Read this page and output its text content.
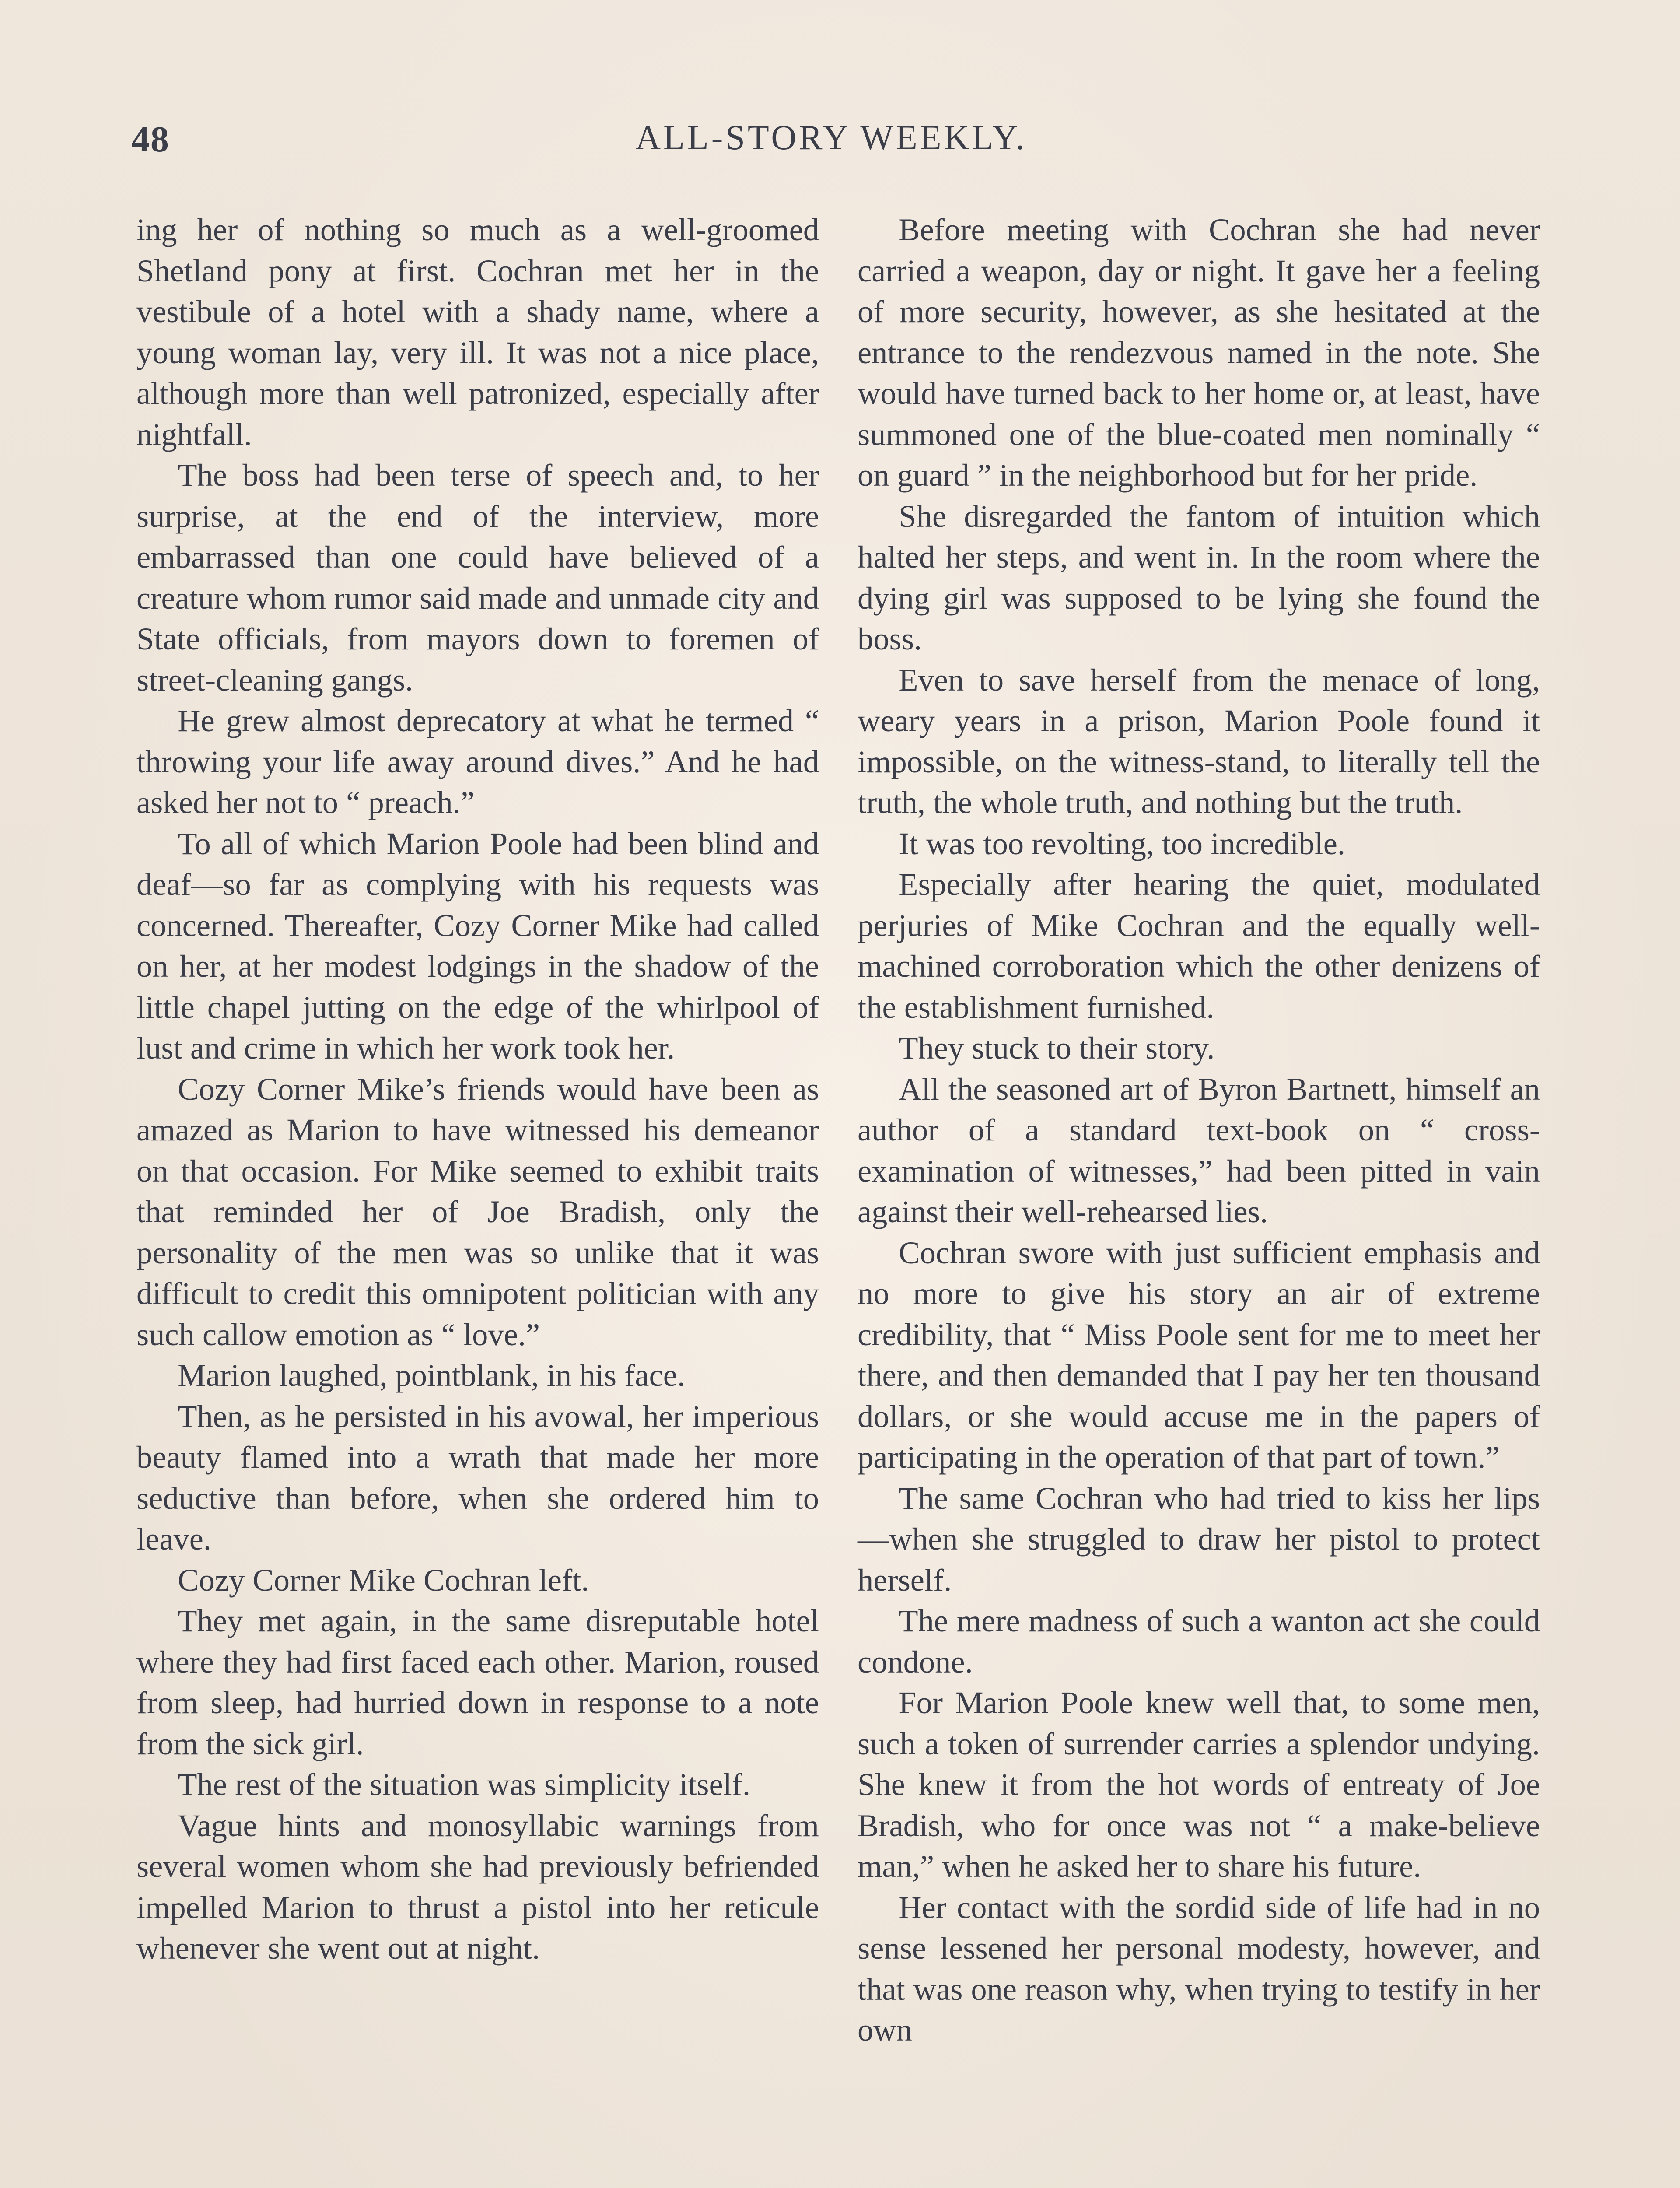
48	ALL-STORY WEEKLY.

ing her of nothing so much as a well-groomed Shetland pony at first. Cochran met her in the vestibule of a hotel with a shady name, where a young woman lay, very ill. It was not a nice place, although more than well patronized, especially after nightfall.

The boss had been terse of speech and, to her surprise, at the end of the interview, more embarrassed than one could have believed of a creature whom rumor said made and unmade city and State officials, from mayors down to foremen of street-cleaning gangs.

He grew almost deprecatory at what he termed “ throwing your life away around dives.” And he had asked her not to “ preach.”

To all of which Marion Poole had been blind and deaf—so far as complying with his requests was concerned. Thereafter, Cozy Corner Mike had called on her, at her modest lodgings in the shadow of the little chapel jutting on the edge of the whirlpool of lust and crime in which her work took her.

Cozy Corner Mike’s friends would have been as amazed as Marion to have witnessed his demeanor on that occasion. For Mike seemed to exhibit traits that reminded her of Joe Bradish, only the personality of the men was so unlike that it was difficult to credit this omnipotent politician with any such callow emotion as “ love.”

Marion laughed, pointblank, in his face.

Then, as he persisted in his avowal, her imperious beauty flamed into a wrath that made her more seductive than before, when she ordered him to leave.

Cozy Corner Mike Cochran left.

They met again, in the same disreputable hotel where they had first faced each other. Marion, roused from sleep, had hurried down in response to a note from the sick girl.

The rest of the situation was simplicity itself.

Vague hints and monosyllabic warnings from several women whom she had previously befriended impelled Marion to thrust a pistol into her reticule whenever she went out at night.

Before meeting with Cochran she had never carried a weapon, day or night. It gave her a feeling of more security, however, as she hesitated at the entrance to the rendezvous named in the note. She would have turned back to her home or, at least, have summoned one of the blue-coated men nominally “ on guard ” in the neighborhood but for her pride.

She disregarded the fantom of intuition which halted her steps, and went in. In the room where the dying girl was supposed to be lying she found the boss.

Even to save herself from the menace of long, weary years in a prison, Marion Poole found it impossible, on the witness-stand, to literally tell the truth, the whole truth, and nothing but the truth.

It was too revolting, too incredible.

Especially after hearing the quiet, modulated perjuries of Mike Cochran and the equally well-machined corroboration which the other denizens of the establishment furnished.

They stuck to their story.

All the seasoned art of Byron Bartnett, himself an author of a standard text-book on “ cross-examination of witnesses,” had been pitted in vain against their well-rehearsed lies.

Cochran swore with just sufficient emphasis and no more to give his story an air of extreme credibility, that “ Miss Poole sent for me to meet her there, and then demanded that I pay her ten thousand dollars, or she would accuse me in the papers of participating in the operation of that part of town.”

The same Cochran who had tried to kiss her lips—when she struggled to draw her pistol to protect herself.

The mere madness of such a wanton act she could condone.

For Marion Poole knew well that, to some men, such a token of surrender carries a splendor undying. She knew it from the hot words of entreaty of Joe Bradish, who for once was not “ a make-believe man,” when he asked her to share his future.

Her contact with the sordid side of life had in no sense lessened her personal modesty, however, and that was one reason why, when trying to testify in her own
